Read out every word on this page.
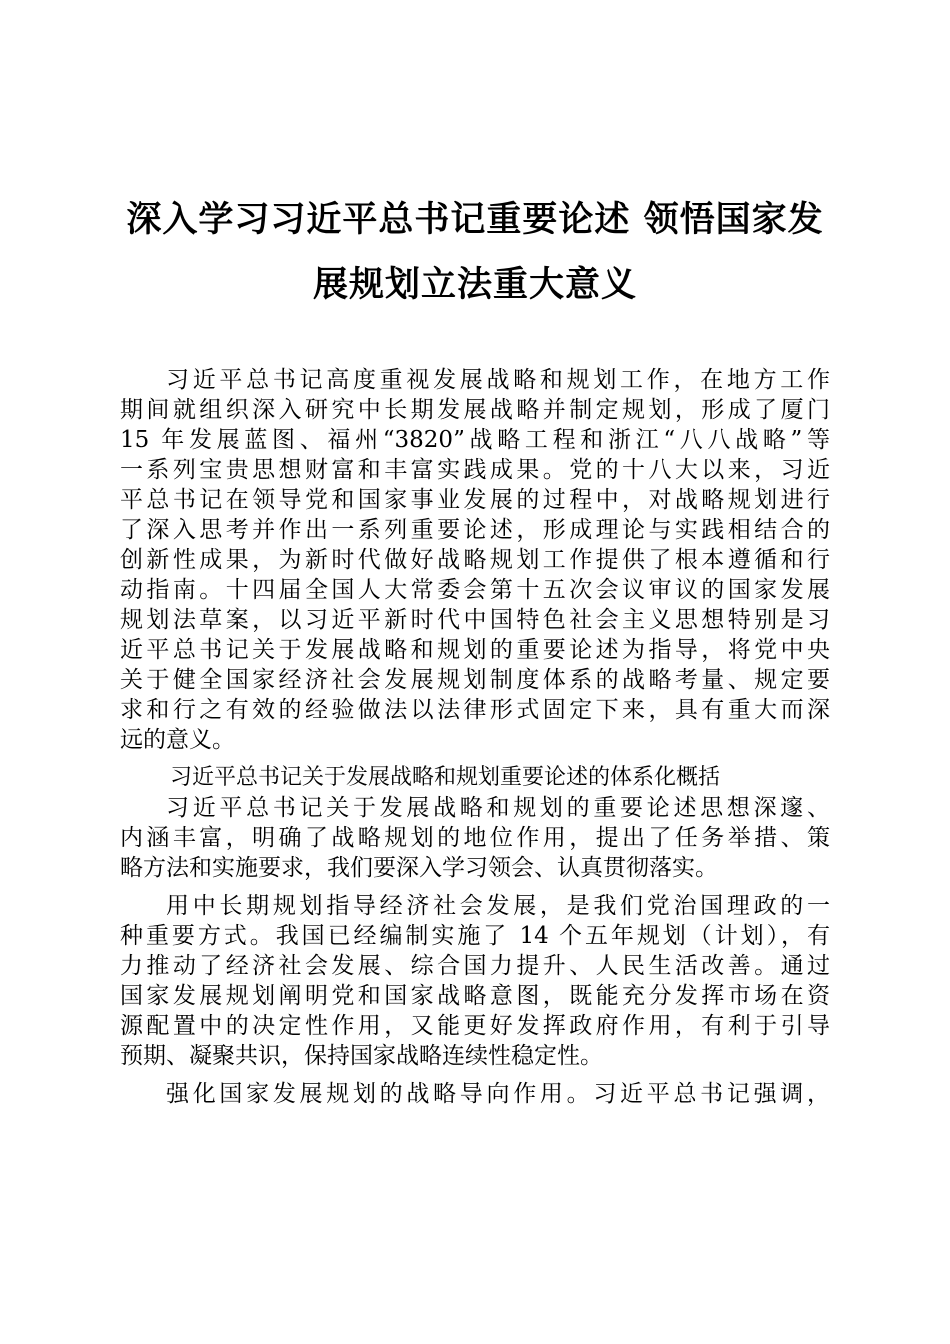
深入学习习近平总书记重要论述 领悟国家发
展规划立法重大意义
习近平总书记高度重视发展战略和规划工作，在地方工作
期间就组织深入研究中长期发展战略并制定规划，形成了厦门
15 年发展蓝图、福州“3820”战略工程和浙江“八八战略”等
一系列宝贵思想财富和丰富实践成果。党的十八大以来，习近
平总书记在领导党和国家事业发展的过程中，对战略规划进行
了深入思考并作出一系列重要论述，形成理论与实践相结合的
创新性成果，为新时代做好战略规划工作提供了根本遵循和行
动指南。十四届全国人大常委会第十五次会议审议的国家发展
规划法草案，以习近平新时代中国特色社会主义思想特别是习
近平总书记关于发展战略和规划的重要论述为指导，将党中央
关于健全国家经济社会发展规划制度体系的战略考量、规定要
求和行之有效的经验做法以法律形式固定下来，具有重大而深
远的意义。
习近平总书记关于发展战略和规划重要论述的体系化概括
习近平总书记关于发展战略和规划的重要论述思想深邃、
内涵丰富，明确了战略规划的地位作用，提出了任务举措、策
略方法和实施要求，我们要深入学习领会、认真贯彻落实。
用中长期规划指导经济社会发展，是我们党治国理政的一
种重要方式。我国已经编制实施了 14 个五年规划（计划），有
力推动了经济社会发展、综合国力提升、人民生活改善。通过
国家发展规划阐明党和国家战略意图，既能充分发挥市场在资
源配置中的决定性作用，又能更好发挥政府作用，有利于引导
预期、凝聚共识，保持国家战略连续性稳定性。
强化国家发展规划的战略导向作用。习近平总书记强调，
